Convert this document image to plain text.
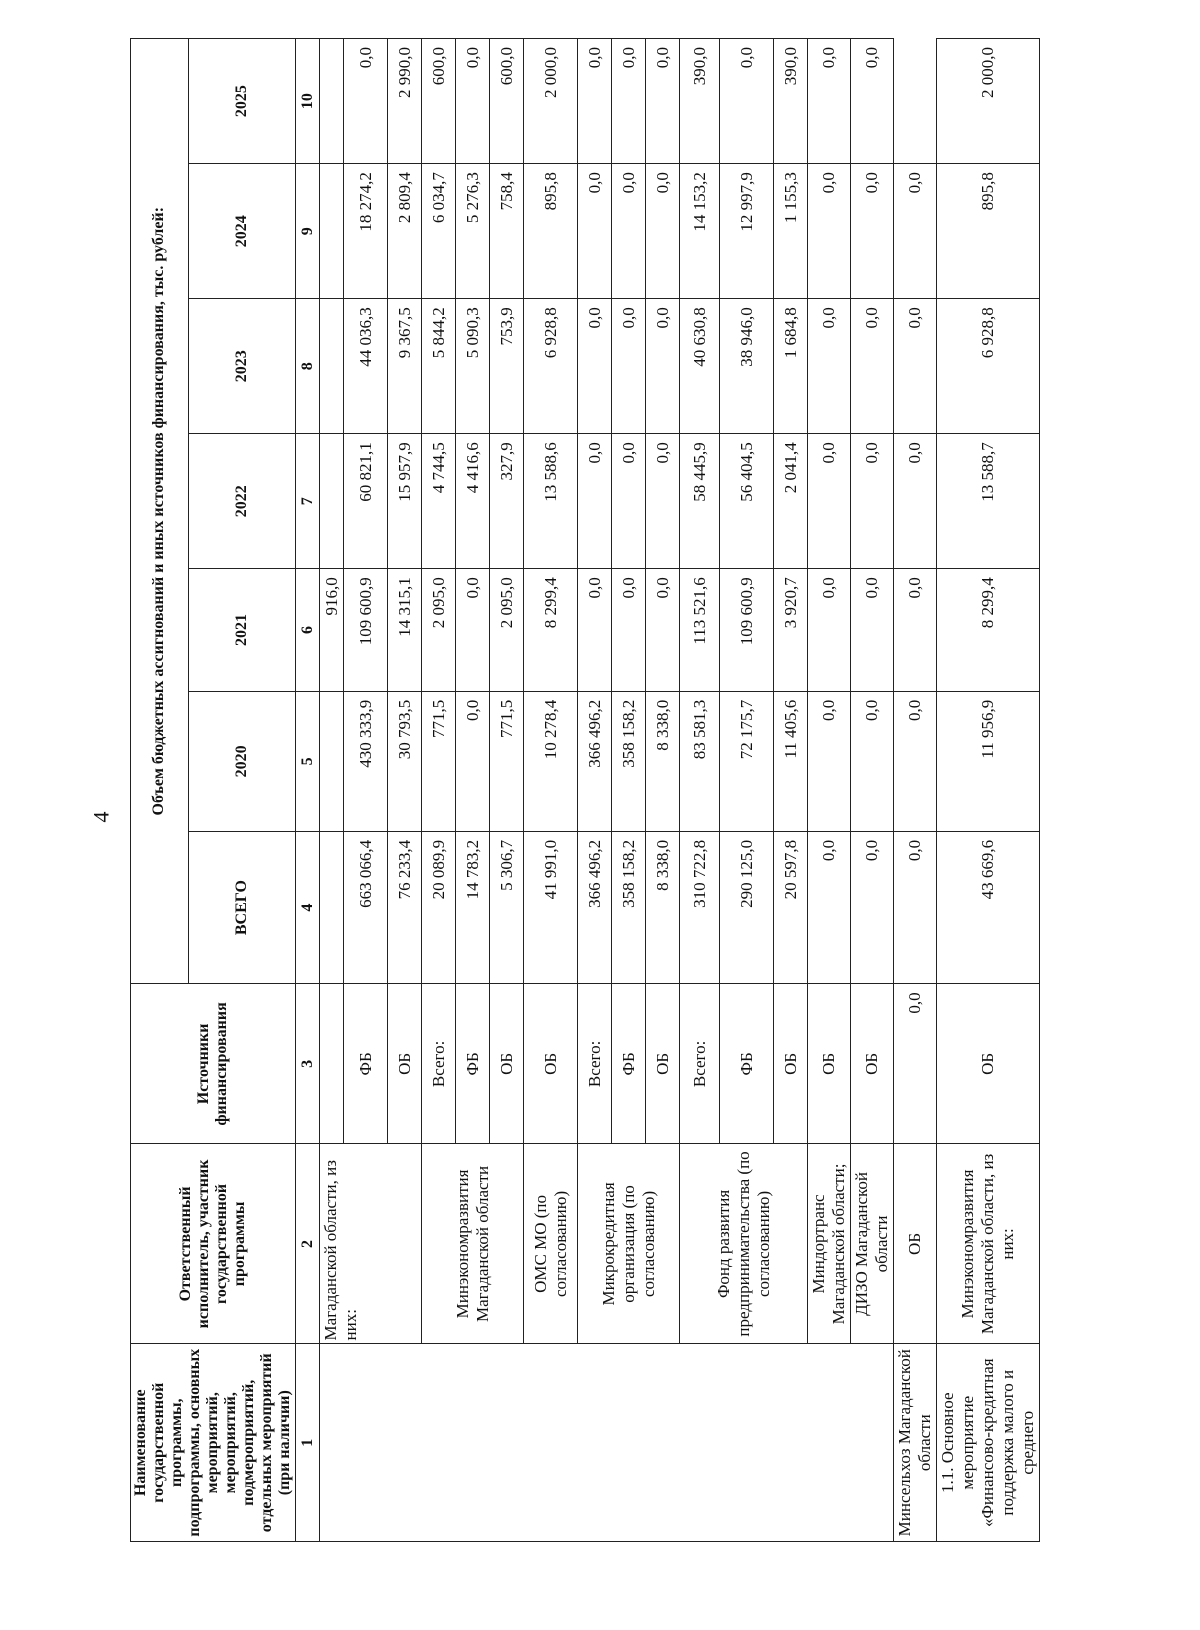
4
Наименование государственной программы, подпрограммы, основных мероприятий, мероприятий, подмероприятий, отдельных мероприятий (при наличии)	Ответственный исполнитель, участник государственной программы	Источники финансирования	Объем бюджетных ассигнований и иных источников финансирования, тыс. рублей:						
			ВСЕГО	2020	2021	2022	2023	2024	2025
1	2	3	4	5	6	7	8	9	10
	Магаданской области, из них:				916,0				
		ФБ	663 066,4	430 333,9	109 600,9	60 821,1	44 036,3	18 274,2	0,0
		ОБ	76 233,4	30 793,5	14 315,1	15 957,9	9 367,5	2 809,4	2 990,0
	Минэкономразвития Магаданской области	Всего:	20 089,9	771,5	2 095,0	4 744,5	5 844,2	6 034,7	600,0
		ФБ	14 783,2	0,0	0,0	4 416,6	5 090,3	5 276,3	0,0
		ОБ	5 306,7	771,5	2 095,0	327,9	753,9	758,4	600,0
	ОМС МО (по согласованию)	ОБ	41 991,0	10 278,4	8 299,4	13 588,6	6 928,8	895,8	2 000,0
	Микрокредитная организация (по согласованию)	Всего:	366 496,2	366 496,2	0,0	0,0	0,0	0,0	0,0
		ФБ	358 158,2	358 158,2	0,0	0,0	0,0	0,0	0,0
		ОБ	8 338,0	8 338,0	0,0	0,0	0,0	0,0	0,0
	Фонд развития предпринимательства (по согласованию)	Всего:	310 722,8	83 581,3	113 521,6	58 445,9	40 630,8	14 153,2	390,0
		ФБ	290 125,0	72 175,7	109 600,9	56 404,5	38 946,0	12 997,9	0,0
		ОБ	20 597,8	11 405,6	3 920,7	2 041,4	1 684,8	1 155,3	390,0
	Миндортранс Магаданской области;	ОБ	0,0	0,0	0,0	0,0	0,0	0,0	0,0
	ДИЗО Магаданской области	ОБ	0,0	0,0	0,0	0,0	0,0	0,0	0,0
Минсельхоз Магаданской области	ОБ	0,0	0,0	0,0	0,0	0,0	0,0	0,0	
1.1. Основное мероприятие «Финансово-кредитная поддержка малого и среднего	Минэкономразвития Магаданской области, из них:	ОБ	43 669,6	11 956,9	8 299,4	13 588,7	6 928,8	895,8	2 000,0
